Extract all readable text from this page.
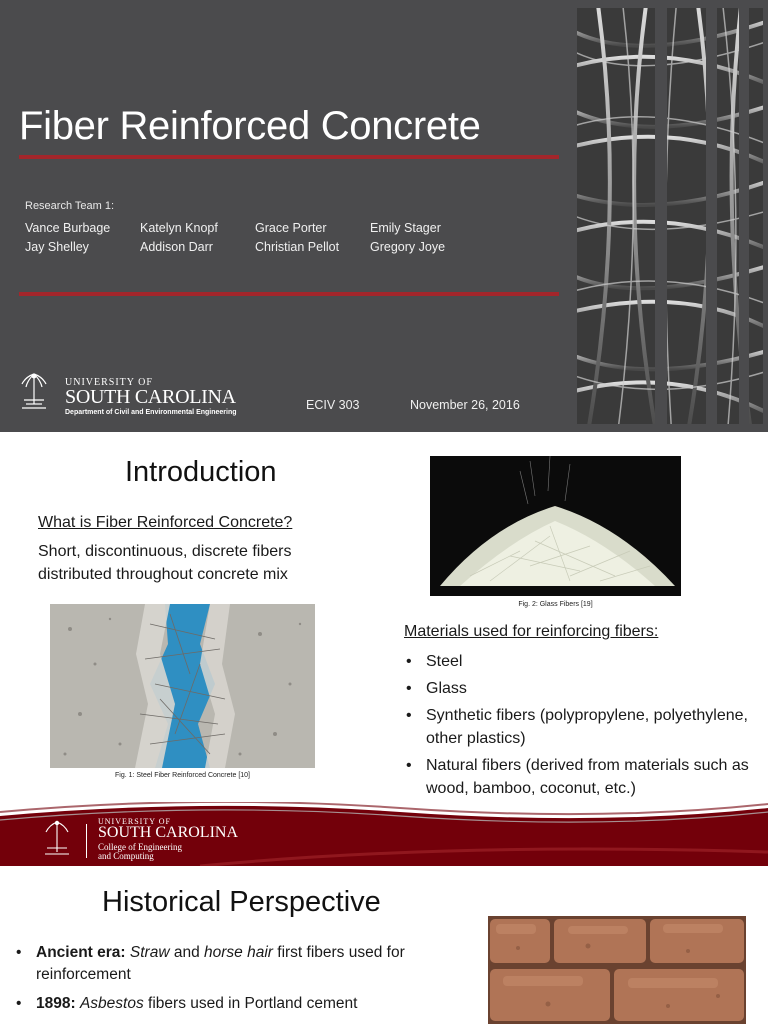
Fiber Reinforced Concrete
Research Team 1:
Vance Burbage	Katelyn Knopf	Grace Porter	Emily Stager
Jay Shelley	Addison Darr	Christian Pellot	Gregory Joye
UNIVERSITY OF
SOUTH CAROLINA
Department of Civil and Environmental Engineering
ECIV 303	November 26, 2016
Introduction
What is Fiber Reinforced Concrete?
Short, discontinuous, discrete fibers distributed throughout concrete mix
Fig. 1: Steel Fiber Reinforced Concrete [10]
Fig. 2: Glass Fibers [19]
Materials used for reinforcing fibers:
• Steel
• Glass
• Synthetic fibers (polypropylene, polyethylene, other plastics)
• Natural fibers (derived from materials such as wood, bamboo, coconut, etc.)
UNIVERSITY OF
SOUTH CAROLINA
College of Engineering
and Computing
Historical Perspective
• Ancient era: Straw and horse hair first fibers used for reinforcement
• 1898: Asbestos fibers used in Portland cement
